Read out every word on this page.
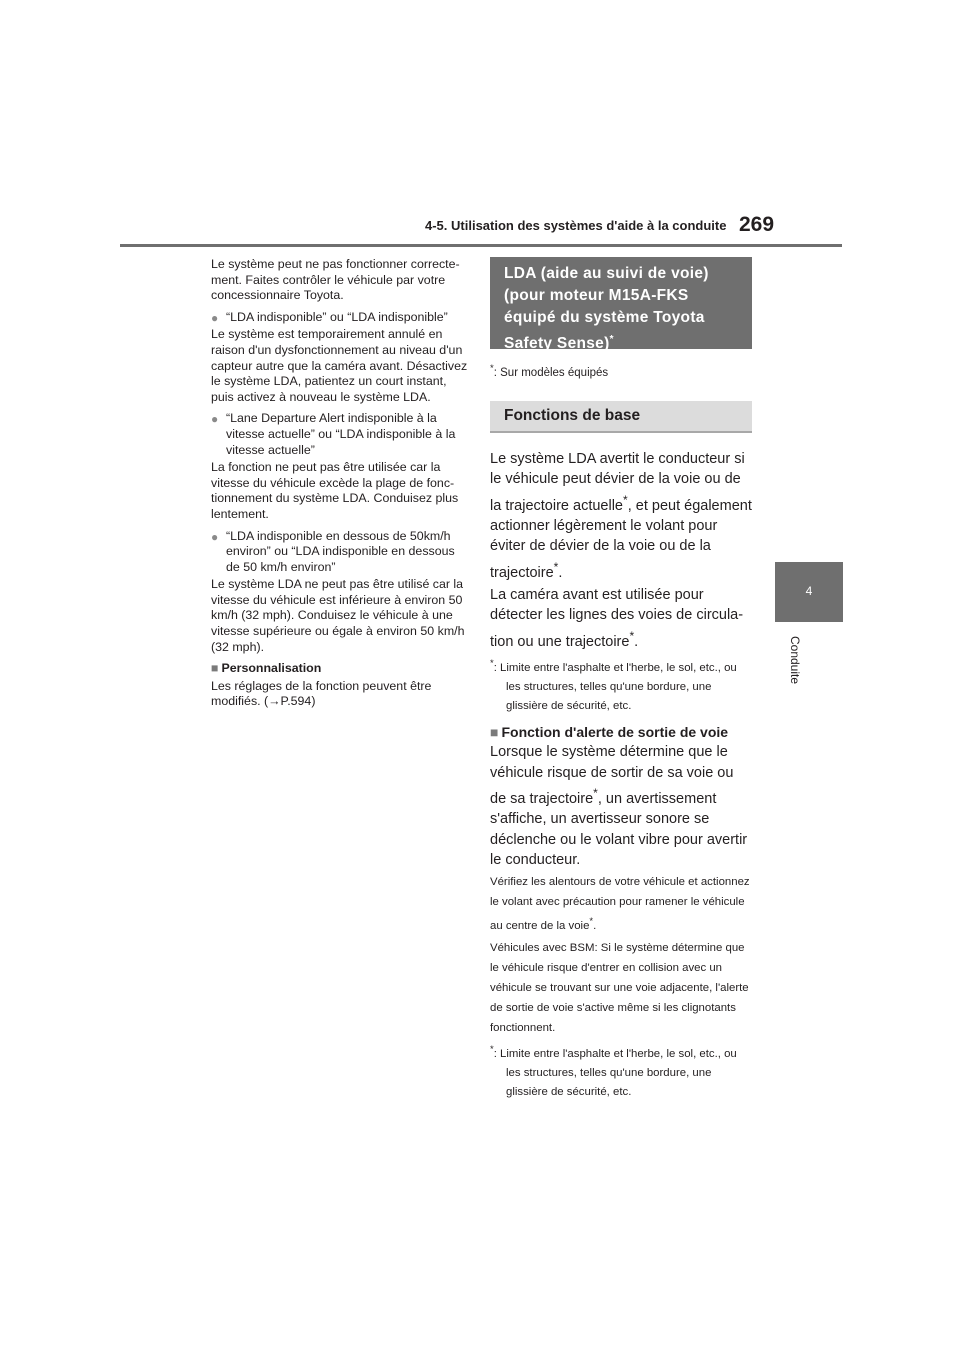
4-5. Utilisation des systèmes d'aide à la conduite 269
4
Conduite

Le système peut ne pas fonctionner correctement. Faites contrôler le véhicule par votre concessionnaire Toyota.

● “LDA indisponible” ou “LDA indisponible”

Le système est temporairement annulé en raison d'un dysfonctionnement au niveau d'un capteur autre que la caméra avant. Désactivez le système LDA, patientez un court instant, puis activez à nouveau le système LDA.

● “Lane Departure Alert indisponible à la vitesse actuelle” ou “LDA indisponible à la vitesse actuelle”

La fonction ne peut pas être utilisée car la vitesse du véhicule excède la plage de fonctionnement du système LDA. Conduisez plus lentement.

● “LDA indisponible en dessous de 50km/h environ” ou “LDA indisponible en dessous de 50 km/h environ”

Le système LDA ne peut pas être utilisé car la vitesse du véhicule est inférieure à environ 50 km/h (32 mph). Conduisez le véhicule à une vitesse supérieure ou égale à environ 50 km/h (32 mph).

■ Personnalisation

Les réglages de la fonction peuvent être modifiés. (→P.594)

LDA (aide au suivi de voie) (pour moteur M15A-FKS équipé du système Toyota Safety Sense)*
*: Sur modèles équipés
Fonctions de base

Le système LDA avertit le conducteur si le véhicule peut dévier de la voie ou de la trajectoire actuelle*, et peut également actionner légèrement le volant pour éviter de dévier de la voie ou de la trajectoire*.

La caméra avant est utilisée pour détecter les lignes des voies de circulation ou une trajectoire*.

*: Limite entre l'asphalte et l'herbe, le sol, etc., ou les structures, telles qu'une bordure, une glissière de sécurité, etc.

■ Fonction d'alerte de sortie de voie

Lorsque le système détermine que le véhicule risque de sortir de sa voie ou de sa trajectoire*, un avertissement s'affiche, un avertisseur sonore se déclenche ou le volant vibre pour avertir le conducteur.

Vérifiez les alentours de votre véhicule et actionnez le volant avec précaution pour ramener le véhicule au centre de la voie*.

Véhicules avec BSM: Si le système détermine que le véhicule risque d'entrer en collision avec un véhicule se trouvant sur une voie adjacente, l'alerte de sortie de voie s'active même si les clignotants fonctionnent.

*: Limite entre l'asphalte et l'herbe, le sol, etc., ou les structures, telles qu'une bordure, une glissière de sécurité, etc.
